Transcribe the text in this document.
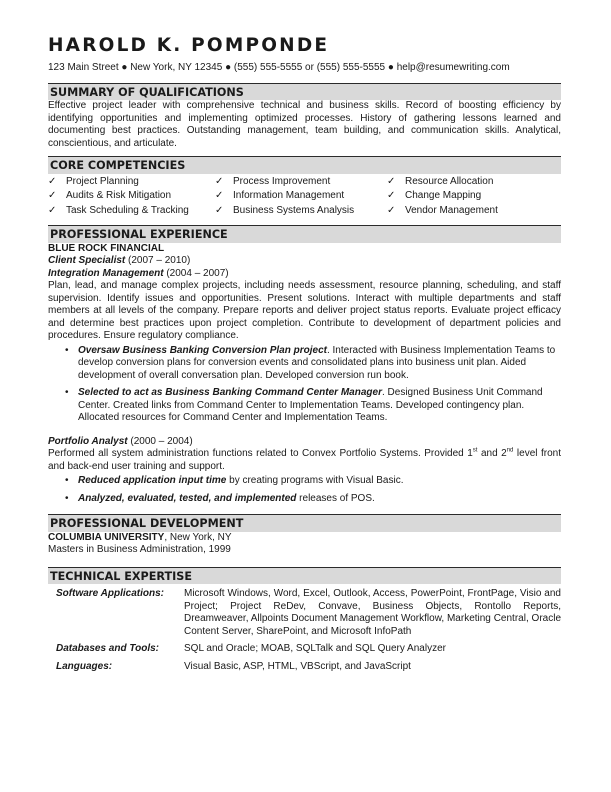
HAROLD K. POMPONDE
123 Main Street ● New York, NY 12345 ● (555) 555-5555 or (555) 555-5555 ● help@resumewriting.com
SUMMARY OF QUALIFICATIONS

Effective project leader with comprehensive technical and business skills. Record of boosting efficiency by identifying opportunities and implementing optimized processes. History of gathering lessons learned and documenting best practices. Outstanding management, team building, and communication skills. Analytical, conscientious, and articulate.

CORE COMPETENCIES
✓ Project Planning	✓ Process Improvement	✓ Resource Allocation
✓ Audits & Risk Mitigation	✓ Information Management	✓ Change Mapping
✓ Task Scheduling & Tracking	✓ Business Systems Analysis	✓ Vendor Management
PROFESSIONAL EXPERIENCE
BLUE ROCK FINANCIAL
Client Specialist (2007 – 2010)
Integration Management (2004 – 2007)

Plan, lead, and manage complex projects, including needs assessment, resource planning, scheduling, and staff supervision. Identify issues and opportunities. Present solutions. Interact with multiple departments and staff members at all levels of the company. Prepare reports and deliver project status reports. Evaluate project efficacy and determine best practices upon project completion. Contribute to development of department policies and procedures. Ensure regulatory compliance.

• Oversaw Business Banking Conversion Plan project. Interacted with Business Implementation Teams to develop conversion plans for conversion events and consolidated plans into business unit plan. Aided development of overall conversation plan. Developed conversion run book.
• Selected to act as Business Banking Command Center Manager. Designed Business Unit Command Center. Created links from Command Center to Implementation Teams. Developed contingency plan. Allocated resources for Command Center and Implementation Teams.
Portfolio Analyst (2000 – 2004)

Performed all system administration functions related to Convex Portfolio Systems. Provided 1st and 2nd level front and back-end user training and support.

• Reduced application input time by creating programs with Visual Basic.
• Analyzed, evaluated, tested, and implemented releases of POS.
PROFESSIONAL DEVELOPMENT
COLUMBIA UNIVERSITY, New York, NY
Masters in Business Administration, 1999
TECHNICAL EXPERTISE
Software Applications:	Microsoft Windows, Word, Excel, Outlook, Access, PowerPoint, FrontPage, Visio and Project; Project ReDev, Convave, Business Objects, Rontollo Reports, Dreamweaver, Allpoints Document Management Workflow, Marketing Central, Oracle Content Server, SharePoint, and Microsoft InfoPath
Databases and Tools:	SQL and Oracle; MOAB, SQLTalk and SQL Query Analyzer
Languages:	Visual Basic, ASP, HTML, VBScript, and JavaScript
